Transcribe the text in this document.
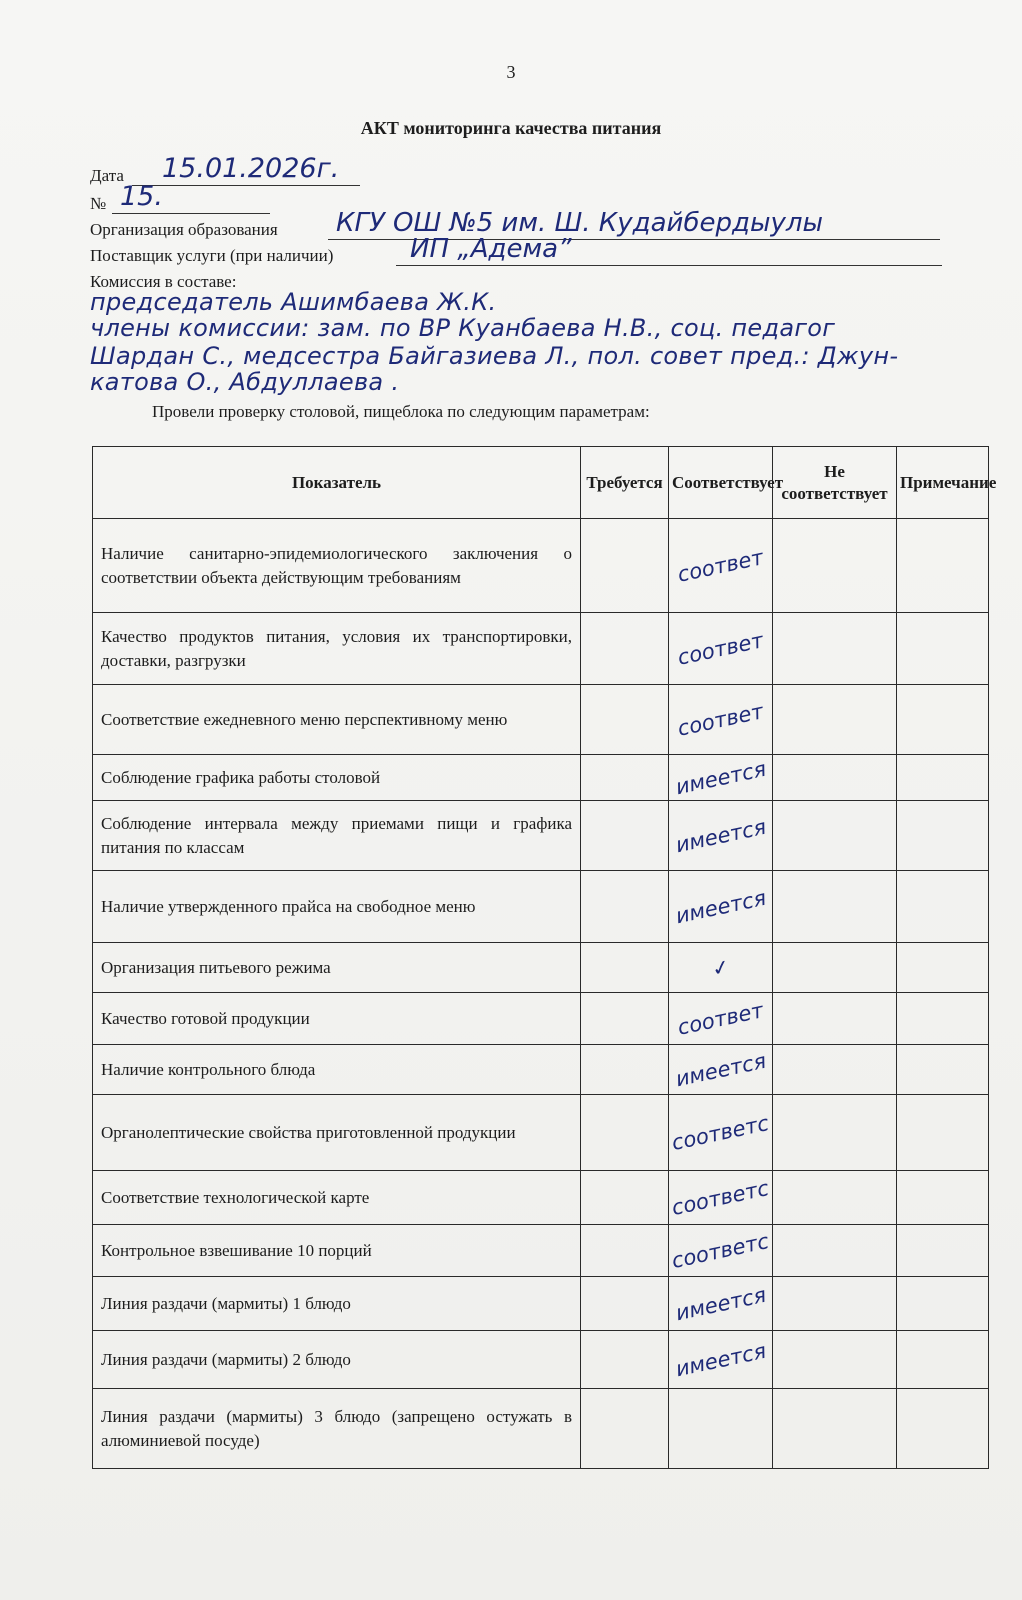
3
АКТ мониторинга качества питания
Дата 15.01.2026г.
№ 15.
Организация образования КГУ ОШ №5 им. Ш. Кудайбердыулы
Поставщик услуги (при наличии)	ИП „Адема”
Комиссия в составе:
председатель Ашимбаева Ж.К.
члены комиссии: зам. по ВР Куанбаева Н.В., соц. педагог
Шардан С., медсестра Байгазиева Л., пол. совет пред.: Джун-
катова О., Абдуллаева .
Провели проверку столовой, пищеблока по следующим параметрам:
Показатель	Требуется	Соответствует	Не соответствует	Примечание
Наличие санитарно-эпидемиологического заключения о соответствии объекта действующим требованиям		соответ		
Качество продуктов питания, условия их транспортировки, доставки, разгрузки		соответ		
Соответствие ежедневного меню перспективному меню		соответ		
Соблюдение графика работы столовой		имеется		
Соблюдение интервала между приемами пищи и графика питания по классам		имеется		
Наличие утвержденного прайса на свободное меню		имеется		
Организация питьевого режима		✓		
Качество готовой продукции		соответ		
Наличие контрольного блюда		имеется		
Органолептические свойства приготовленной продукции		соответс		
Соответствие технологической карте		соответс		
Контрольное взвешивание 10 порций		соответс		
Линия раздачи (мармиты) 1 блюдо		имеется		
Линия раздачи (мармиты) 2 блюдо		имеется		
Линия раздачи (мармиты) 3 блюдо (запрещено остужать в алюминиевой посуде)				
